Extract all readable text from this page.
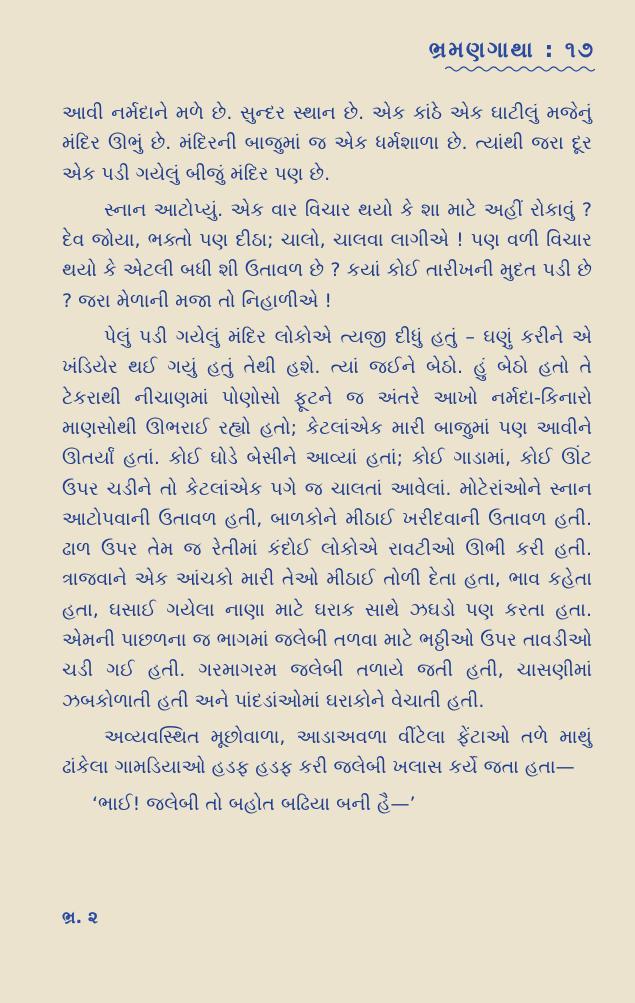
ભ્રમણગાથા : ૧૭

આવી નર્મદાને મળે છે. સુન્દર સ્થાન છે. એક કાંઠે એક ઘાટીલું મજેનું મંદિર ઊભું છે. મંદિરની બાજુમાં જ એક ધર્મશાળા છે. ત્યાંથી જરા દૂર એક પડી ગયેલું બીજું મંદિર પણ છે.

સ્નાન આટોપ્યું. એક વાર વિચાર થયો કે શા માટે અહીં રોકાવું ? દેવ જોયા, ભક્તો પણ દીઠા; ચાલો, ચાલવા લાગીએ ! પણ વળી વિચાર થયો કે એટલી બધી શી ઉતાવળ છે ? કયાં કોઈ તારીખની મુદત પડી છે ? જરા મેળાની મજા તો નિહાળીએ !

પેલું પડી ગયેલું મંદિર લોકોએ ત્યજી દીધું હતું – ઘણું કરીને એ ખંડિયેર થઈ ગયું હતું તેથી હશે. ત્યાં જઈને બેઠો. હું બેઠો હતો તે ટેકરાથી નીચાણમાં પોણોસો ફૂટને જ અંતરે આખો નર્મદા-કિનારો માણસોથી ઊભરાઈ રહ્યો હતો; કેટલાંએક મારી બાજુમાં પણ આવીને ઊતર્યાં હતાં. કોઈ ઘોડે બેસીને આવ્યાં હતાં; કોઈ ગાડામાં, કોઈ ઊંટ ઉપર ચડીને તો કેટલાંએક પગે જ ચાલતાં આવેલાં. મોટેરાંઓને સ્નાન આટોપવાની ઉતાવળ હતી, બાળકોને મીઠાઈ ખરીદવાની ઉતાવળ હતી. ઢાળ ઉપર તેમ જ રેતીમાં કંદોઈ લોકોએ રાવટીઓ ઊભી કરી હતી. ત્રાજવાને એક આંચકો મારી તેઓ મીઠાઈ તોળી દેતા હતા, ભાવ કહેતા હતા, ઘસાઈ ગયેલા નાણા માટે ઘરાક સાથે ઝઘડો પણ કરતા હતા. એમની પાછળના જ ભાગમાં જલેબી તળવા માટે ભઠ્ઠીઓ ઉપર તાવડીઓ ચડી ગઈ હતી. ગરમાગરમ જલેબી તળાયે જતી હતી, ચાસણીમાં ઝબકોળાતી હતી અને પાંદડાંઓમાં ઘરાકોને વેચાતી હતી.

અવ્યવસ્થિત મૂછોવાળા, આડાઅવળા વીંટેલા ફેંટાઓ તળે માથું ઢાંકેલા ગામડિયાઓ હડફ હડફ કરી જલેબી ખલાસ કર્યે જતા હતા—

‘ભાઈ! જલેબી તો બહોત બઢિયા બની હૈ—’

ભ્ર. ૨
